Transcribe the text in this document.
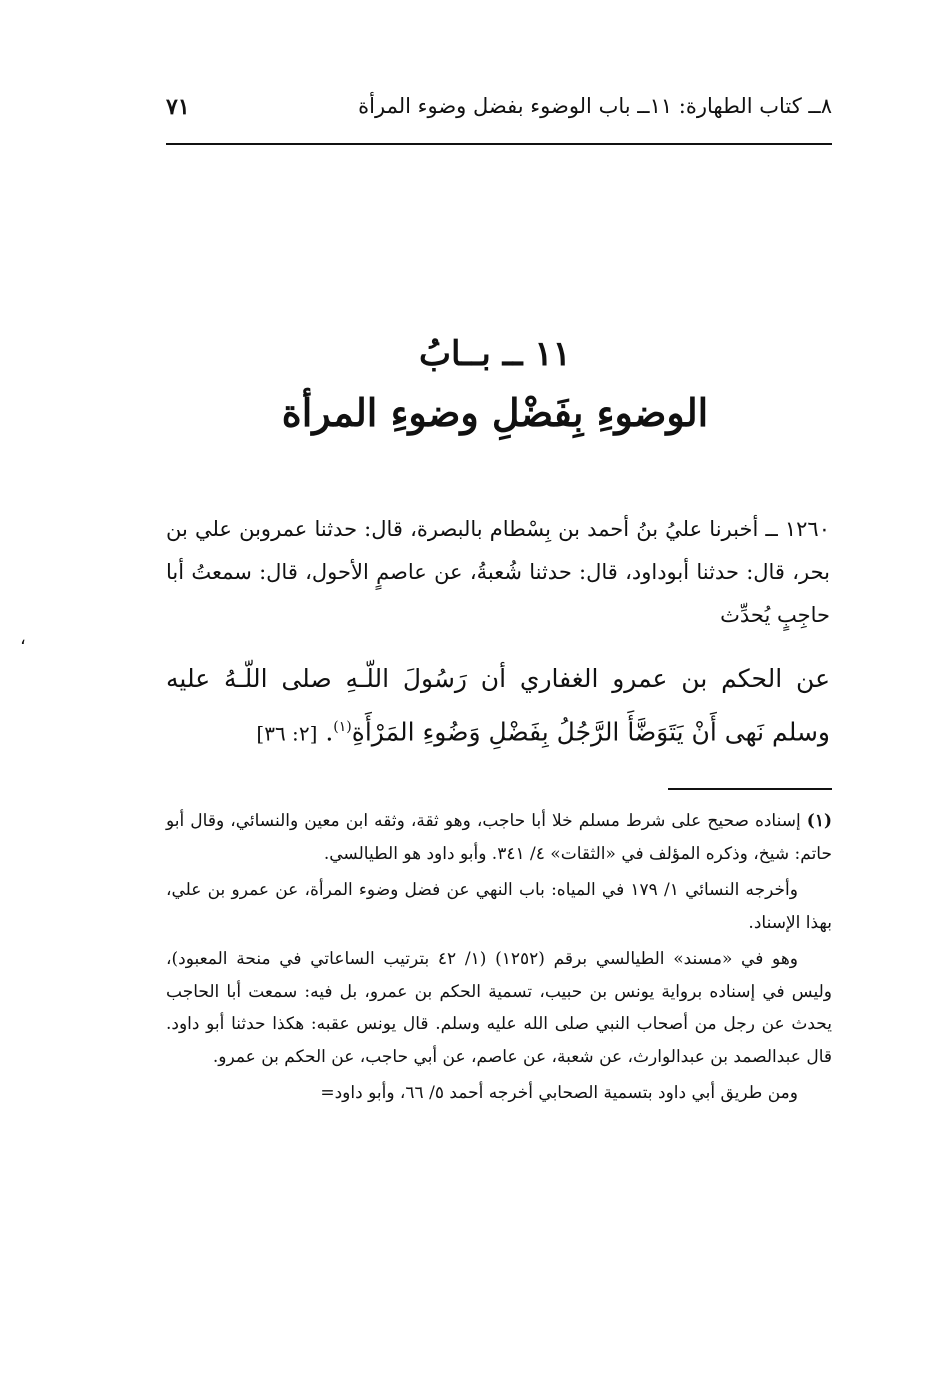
٨ــ كتاب الطهارة: ١١ــ باب الوضوء بفضل وضوء المرأة
٧١
١١ ــ بــابُ
الوضوءِ بِفَضْلِ وضوءِ المرأة

١٢٦٠ ــ أخبرنا عليُ بنُ أحمد بن بِسْطام بالبصرة، قال: حدثنا عمروبن علي بن بحر، قال: حدثنا أبوداود، قال: حدثنا شُعبةُ، عن عاصمٍ الأحول، قال: سمعتُ أبا حاجِبٍ يُحدِّث

عن الحكم بن عمرو الغفاري أن رَسُولَ اللّـهِ صلى اللّـهُ عليه وسلم نَهى أَنْ يَتَوَضَّأَ الرَّجُلُ بِفَضْلِ وَضُوءِ المَرْأَةِ$^{(١)}$. [٢: ٣٦]

(١) إسناده صحيح على شرط مسلم خلا أبا حاجب، وهو ثقة، وثقه ابن معين والنسائي، وقال أبو حاتم: شيخ، وذكره المؤلف في «الثقات» ٤/ ٣٤١. وأبو داود هو الطيالسي.

وأخرجه النسائي ١/ ١٧٩ في المياه: باب النهي عن فضل وضوء المرأة، عن عمرو بن علي، بهذا الإسناد.

وهو في «مسند» الطيالسي برقم (١٢٥٢) (١/ ٤٢ بترتيب الساعاتي في منحة المعبود)، وليس في إسناده برواية يونس بن حبيب، تسمية الحكم بن عمرو، بل فيه: سمعت أبا الحاجب يحدث عن رجل من أصحاب النبي صلى الله عليه وسلم. قال يونس عقبه: هكذا حدثنا أبو داود. قال عبدالصمد بن عبدالوارث، عن شعبة، عن عاصم، عن أبي حاجب، عن الحكم بن عمرو.

ومن طريق أبي داود بتسمية الصحابي أخرجه أحمد ٥/ ٦٦، وأبو داود=

،
